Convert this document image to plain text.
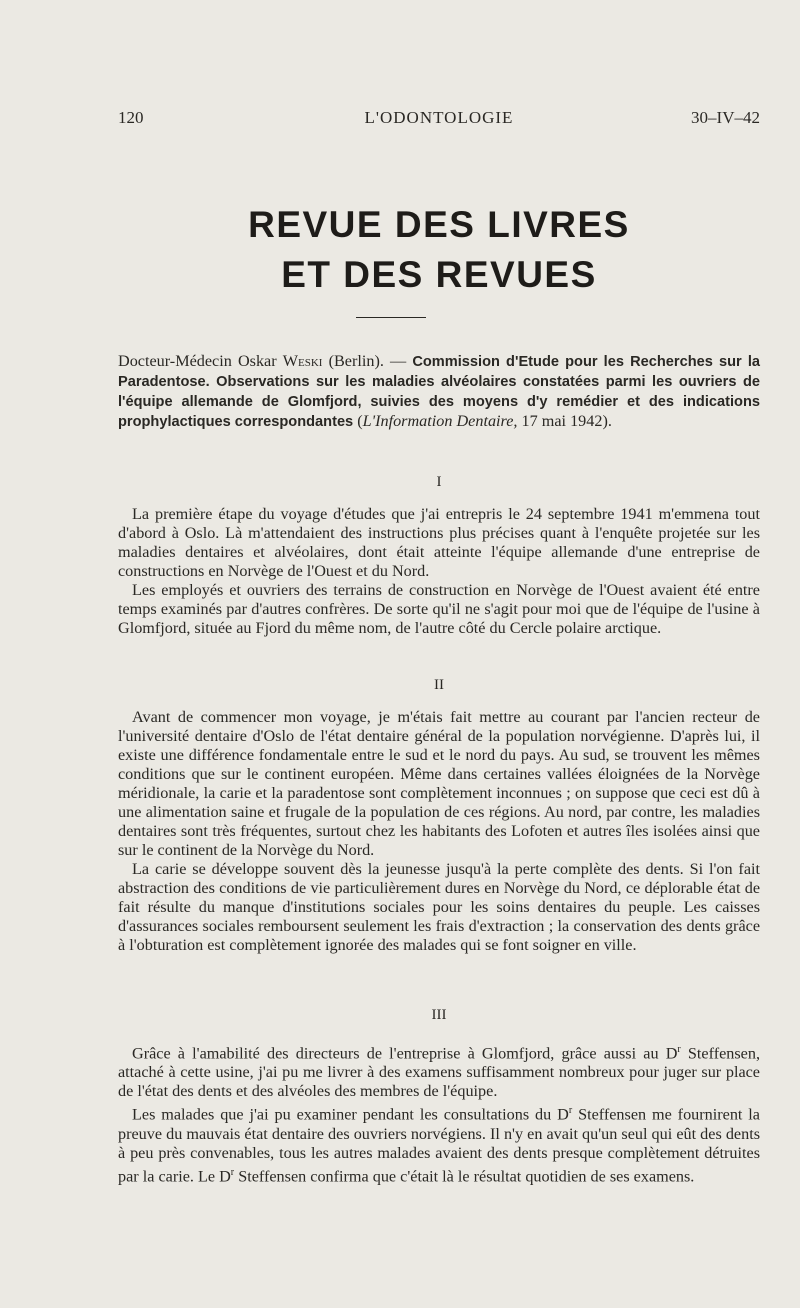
120	L'ODONTOLOGIE	30–IV–42
REVUE DES LIVRES
ET DES REVUES

Docteur-Médecin Oskar Weski (Berlin). — Commission d'Etude pour les Recherches sur la Paradentose. Observations sur les maladies alvéolaires constatées parmi les ouvriers de l'équipe allemande de Glomfjord, suivies des moyens d'y remédier et des indications prophylactiques correspondantes (L'Information Dentaire, 17 mai 1942).

I

La première étape du voyage d'études que j'ai entrepris le 24 septembre 1941 m'emmena tout d'abord à Oslo. Là m'attendaient des instructions plus précises quant à l'enquête projetée sur les maladies dentaires et alvéolaires, dont était atteinte l'équipe allemande d'une entreprise de constructions en Norvège de l'Ouest et du Nord.

Les employés et ouvriers des terrains de construction en Norvège de l'Ouest avaient été entre temps examinés par d'autres confrères. De sorte qu'il ne s'agit pour moi que de l'équipe de l'usine à Glomfjord, située au Fjord du même nom, de l'autre côté du Cercle polaire arctique.

II

Avant de commencer mon voyage, je m'étais fait mettre au courant par l'ancien recteur de l'université dentaire d'Oslo de l'état dentaire général de la population norvégienne. D'après lui, il existe une différence fondamentale entre le sud et le nord du pays. Au sud, se trouvent les mêmes conditions que sur le continent européen. Même dans certaines vallées éloignées de la Norvège méridionale, la carie et la paradentose sont complètement inconnues ; on suppose que ceci est dû à une alimentation saine et frugale de la population de ces régions. Au nord, par contre, les maladies dentaires sont très fréquentes, surtout chez les habitants des Lofoten et autres îles isolées ainsi que sur le continent de la Norvège du Nord.

La carie se développe souvent dès la jeunesse jusqu'à la perte complète des dents. Si l'on fait abstraction des conditions de vie particulièrement dures en Norvège du Nord, ce déplorable état de fait résulte du manque d'institutions sociales pour les soins dentaires du peuple. Les caisses d'assurances sociales remboursent seulement les frais d'extraction ; la conservation des dents grâce à l'obturation est complètement ignorée des malades qui se font soigner en ville.

III

Grâce à l'amabilité des directeurs de l'entreprise à Glomfjord, grâce aussi au $D^r$ Steffensen, attaché à cette usine, j'ai pu me livrer à des examens suffisamment nombreux pour juger sur place de l'état des dents et des alvéoles des membres de l'équipe.

Les malades que j'ai pu examiner pendant les consultations du $D^r$ Steffensen me fournirent la preuve du mauvais état dentaire des ouvriers norvégiens. Il n'y en avait qu'un seul qui eût des dents à peu près convenables, tous les autres malades avaient des dents presque complètement détruites par la carie. Le $D^r$ Steffensen confirma que c'était là le résultat quotidien de ses examens.
